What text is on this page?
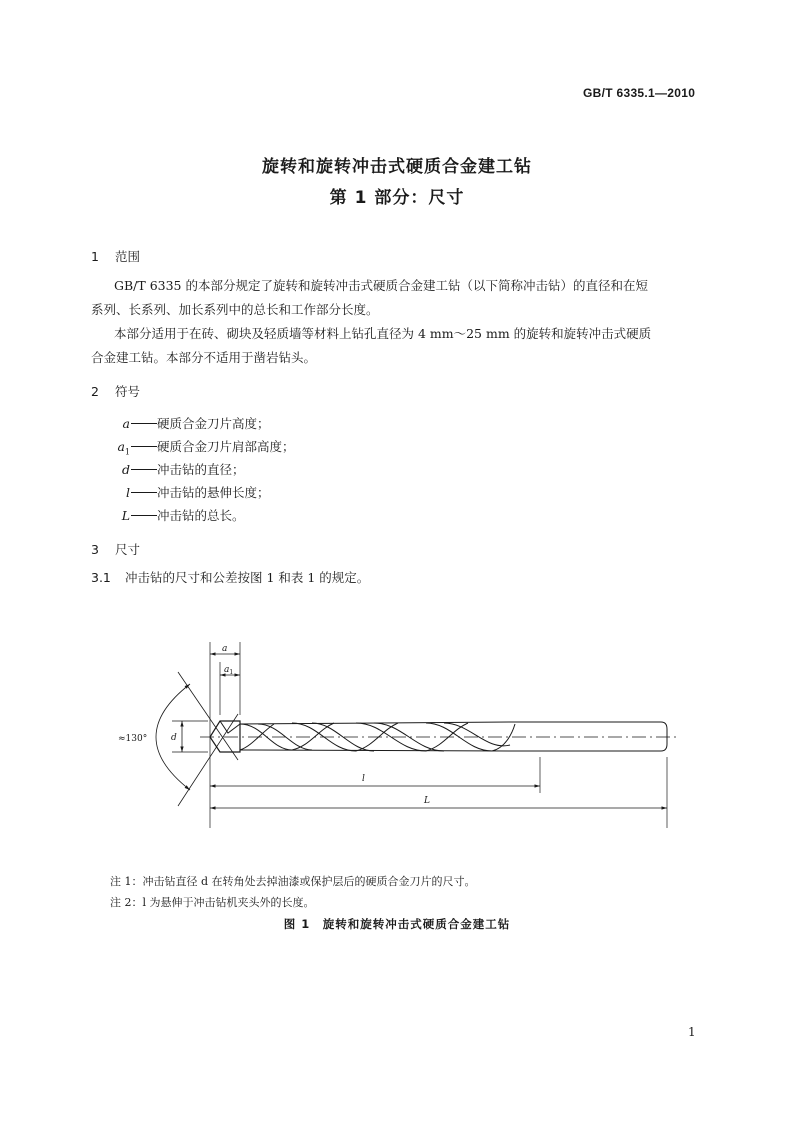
GB/T 6335.1—2010
旋转和旋转冲击式硬质合金建工钻
第 1 部分：尺寸
1 范围
GB/T 6335 的本部分规定了旋转和旋转冲击式硬质合金建工钻（以下简称冲击钻）的直径和在短
系列、长系列、加长系列中的总长和工作部分长度。
本部分适用于在砖、砌块及轻质墙等材料上钻孔直径为 4 mm～25 mm 的旋转和旋转冲击式硬质
合金建工钻。本部分不适用于凿岩钻头。
2 符号
a 硬质合金刀片高度；
$a_1$ 硬质合金刀片肩部高度；
d 冲击钻的直径；
l 冲击钻的悬伸长度；
L 冲击钻的总长。
3 尺寸
3.1 冲击钻的尺寸和公差按图 1 和表 1 的规定。
a
$a_1$
≈130°	d
l
L
注 1：冲击钻直径 d 在转角处去掉油漆或保护层后的硬质合金刀片的尺寸。
注 2：l 为悬伸于冲击钻机夹头外的长度。
图 1　旋转和旋转冲击式硬质合金建工钻
1
